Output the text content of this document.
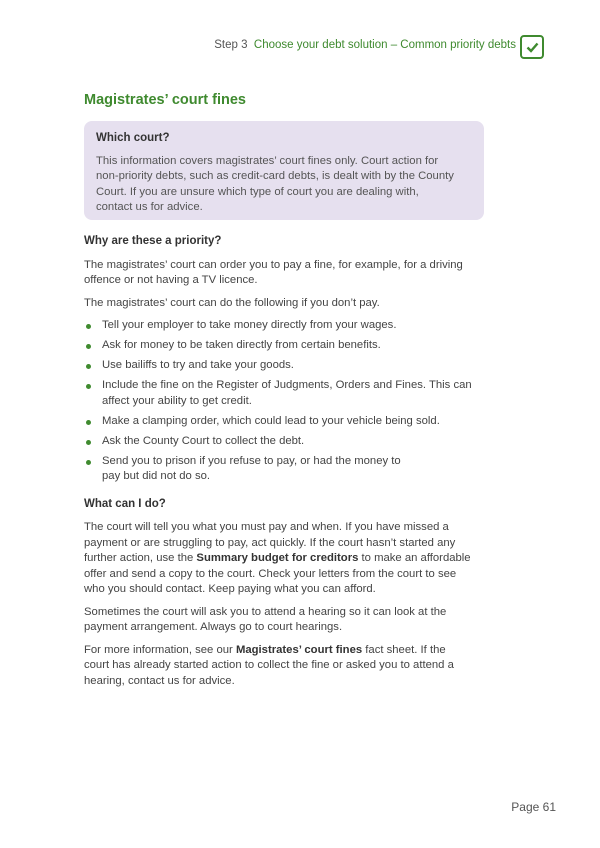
Step 3 Choose your debt solution – Common priority debts
Magistrates’ court fines
Which court?

This information covers magistrates’ court fines only. Court action for
non-priority debts, such as credit-card debts, is dealt with by the County
Court. If you are unsure which type of court you are dealing with,
contact us for advice.

Why are these a priority?

The magistrates’ court can order you to pay a fine, for example, for a driving
offence or not having a TV licence.

The magistrates’ court can do the following if you don’t pay.

Tell your employer to take money directly from your wages.
Ask for money to be taken directly from certain benefits.
Use bailiffs to try and take your goods.
Include the fine on the Register of Judgments, Orders and Fines. This can
affect your ability to get credit.
Make a clamping order, which could lead to your vehicle being sold.
Ask the County Court to collect the debt.
Send you to prison if you refuse to pay, or had the money to
pay but did not do so.
What can I do?

The court will tell you what you must pay and when. If you have missed a
payment or are struggling to pay, act quickly. If the court hasn’t started any
further action, use the Summary budget for creditors to make an affordable
offer and send a copy to the court. Check your letters from the court to see
who you should contact. Keep paying what you can afford.

Sometimes the court will ask you to attend a hearing so it can look at the
payment arrangement. Always go to court hearings.

For more information, see our Magistrates’ court fines fact sheet. If the
court has already started action to collect the fine or asked you to attend a
hearing, contact us for advice.

Page 61
